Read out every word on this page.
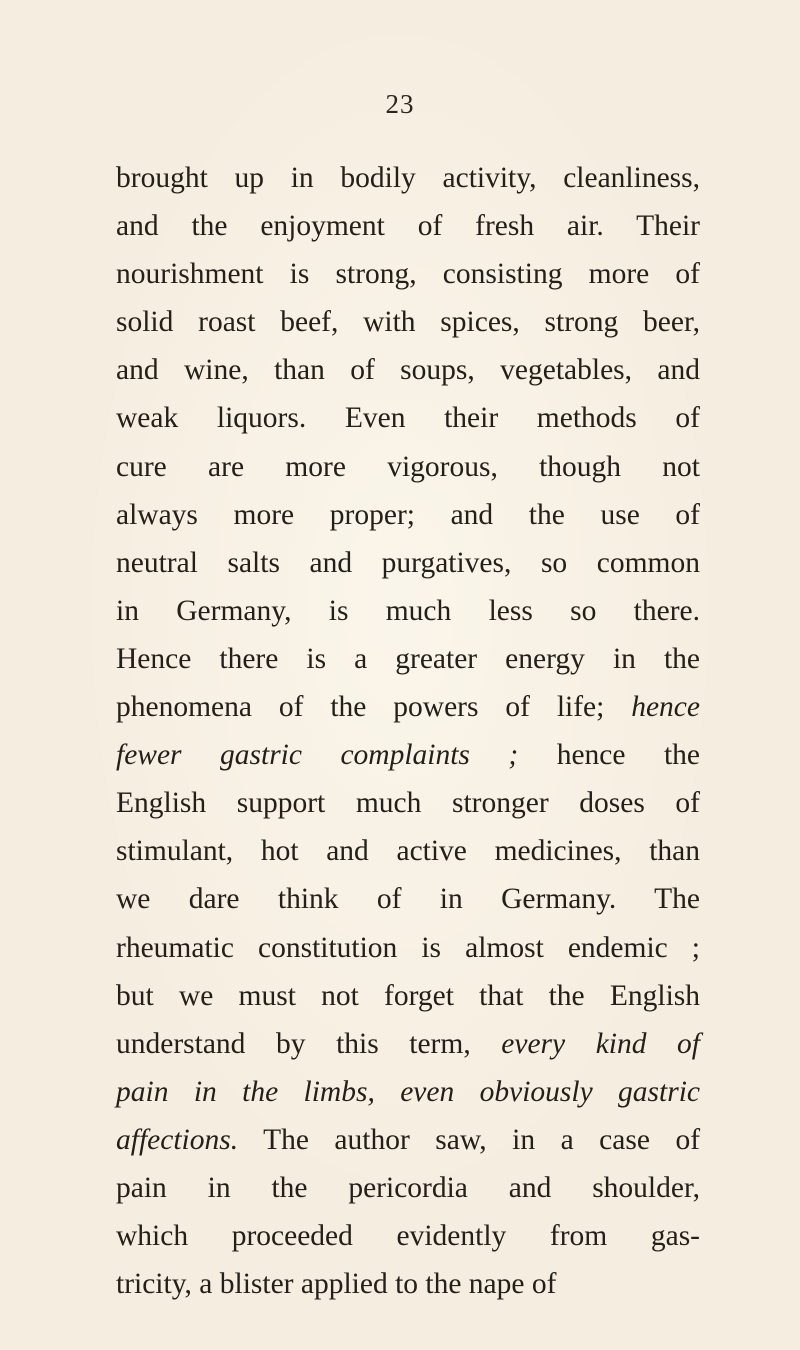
23
brought up in bodily activity, cleanliness,
and the enjoyment of fresh air. Their
nourishment is strong, consisting more of
solid roast beef, with spices, strong beer,
and wine, than of soups, vegetables, and
weak liquors. Even their methods of
cure are more vigorous, though not
always more proper; and the use of
neutral salts and purgatives, so common
in Germany, is much less so there.
Hence there is a greater energy in the
phenomena of the powers of life; hence
fewer gastric complaints ; hence the
English support much stronger doses of
stimulant, hot and active medicines, than
we dare think of in Germany. The
rheumatic constitution is almost endemic ;
but we must not forget that the English
understand by this term, every kind of
pain in the limbs, even obviously gastric
affections. The author saw, in a case of
pain in the pericordia and shoulder,
which proceeded evidently from gas-
tricity, a blister applied to the nape of
